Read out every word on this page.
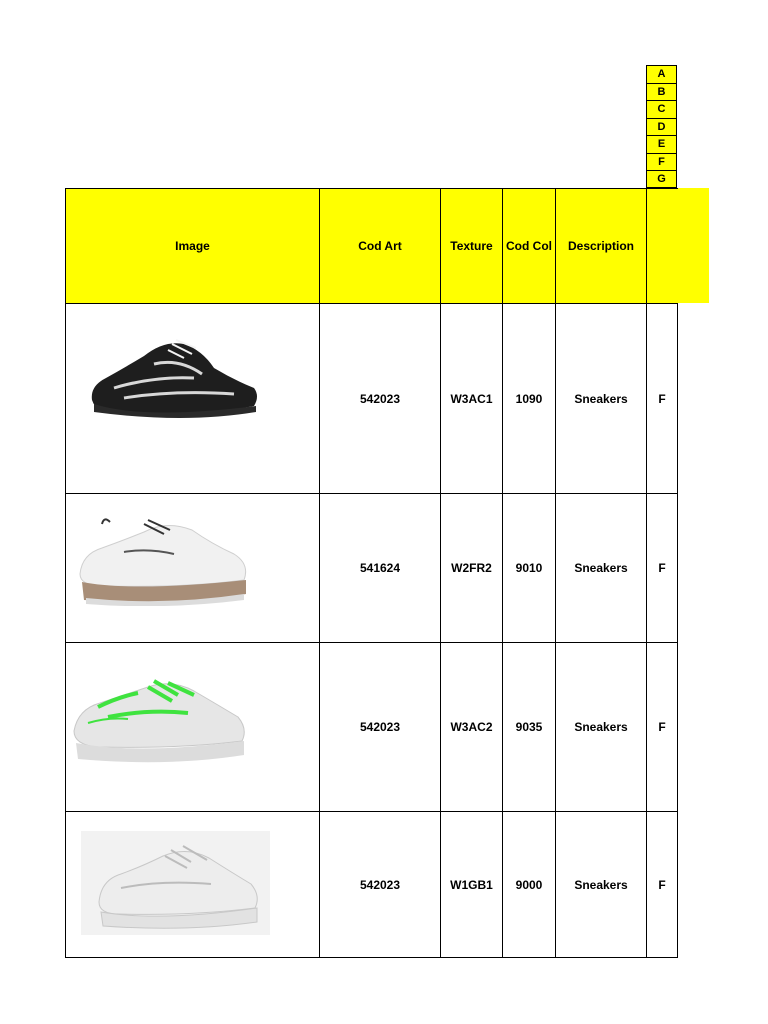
A
B
C
D
E
F
G
Image	Cod Art	Texture	Cod Col	Description	

	542023	W3AC1	1090	Sneakers	F

	541624	W2FR2	9010	Sneakers	F

	542023	W3AC2	9035	Sneakers	F

	542023	W1GB1	9000	Sneakers	F
